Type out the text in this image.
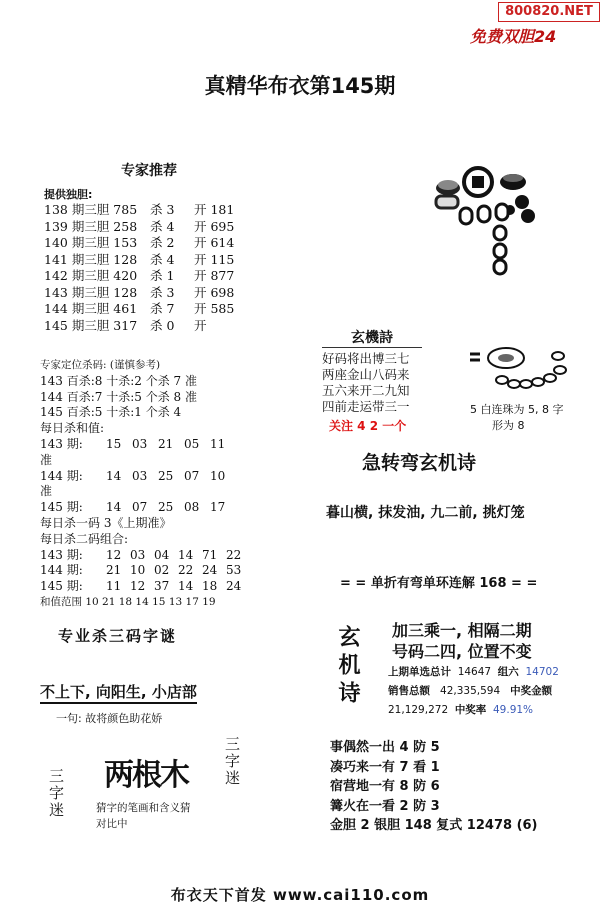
800820.NET
免费双胆24
真精华布衣第145期
专家推荐
提供独胆:
138 期三胆 785	杀 3	开 181
139 期三胆 258	杀 4	开 695
140 期三胆 153	杀 2	开 614
141 期三胆 128	杀 4	开 115
142 期三胆 420	杀 1	开 877
143 期三胆 128	杀 3	开 698
144 期三胆 461	杀 7	开 585
145 期三胆 317	杀 0	开
专家定位杀码: (谨慎参考)
143 百杀:8 十杀:2 个杀 7 准
144 百杀:7 十杀:5 个杀 8 准
145 百杀:5 十杀:1 个杀 4
每日杀和值:
143 期:	15 03 21 05 11
准
144 期:	14 03 25 07 10
准
145 期:	14 07 25 08 17
每日杀一码 3《上期准》
每日杀二码组合:
143 期:	12 03 04 14 71 22
144 期:	21 10 02 22 24 53
145 期:	11 12 37 14 18 24
和值范围 10 21 18 14 15 13 17 19
专业杀三码字谜
不上下, 向阳生, 小店部
一句: 故将颜色助花娇
两根木 三字迷
三字迷	猜字的笔画和含义猜
对比中
玄機詩
好码将出博三七
两座金山八码来
五六来开二九知
四前走运带三一
关注 4 2 一个
5 白连珠为 5, 8 字
形为 8
急转弯玄机诗
暮山横, 抹发油, 九二前, 挑灯笼
= = 单折有弯单环连解 168 = =
玄机诗 加三乘一, 相隔二期
号码二四, 位置不变
上期单选总计 14647 组六 14702
销售总额 42,335,594 中奖金额
21,129,272 中奖率 49.91%
事偶然一出 4 防 5
凑巧来一有 7 看 1
宿营地一有 8 防 6
篝火在一看 2 防 3
金胆 2 银胆 148 复式 12478 (6)
布衣天下首发 www.cai110.com
